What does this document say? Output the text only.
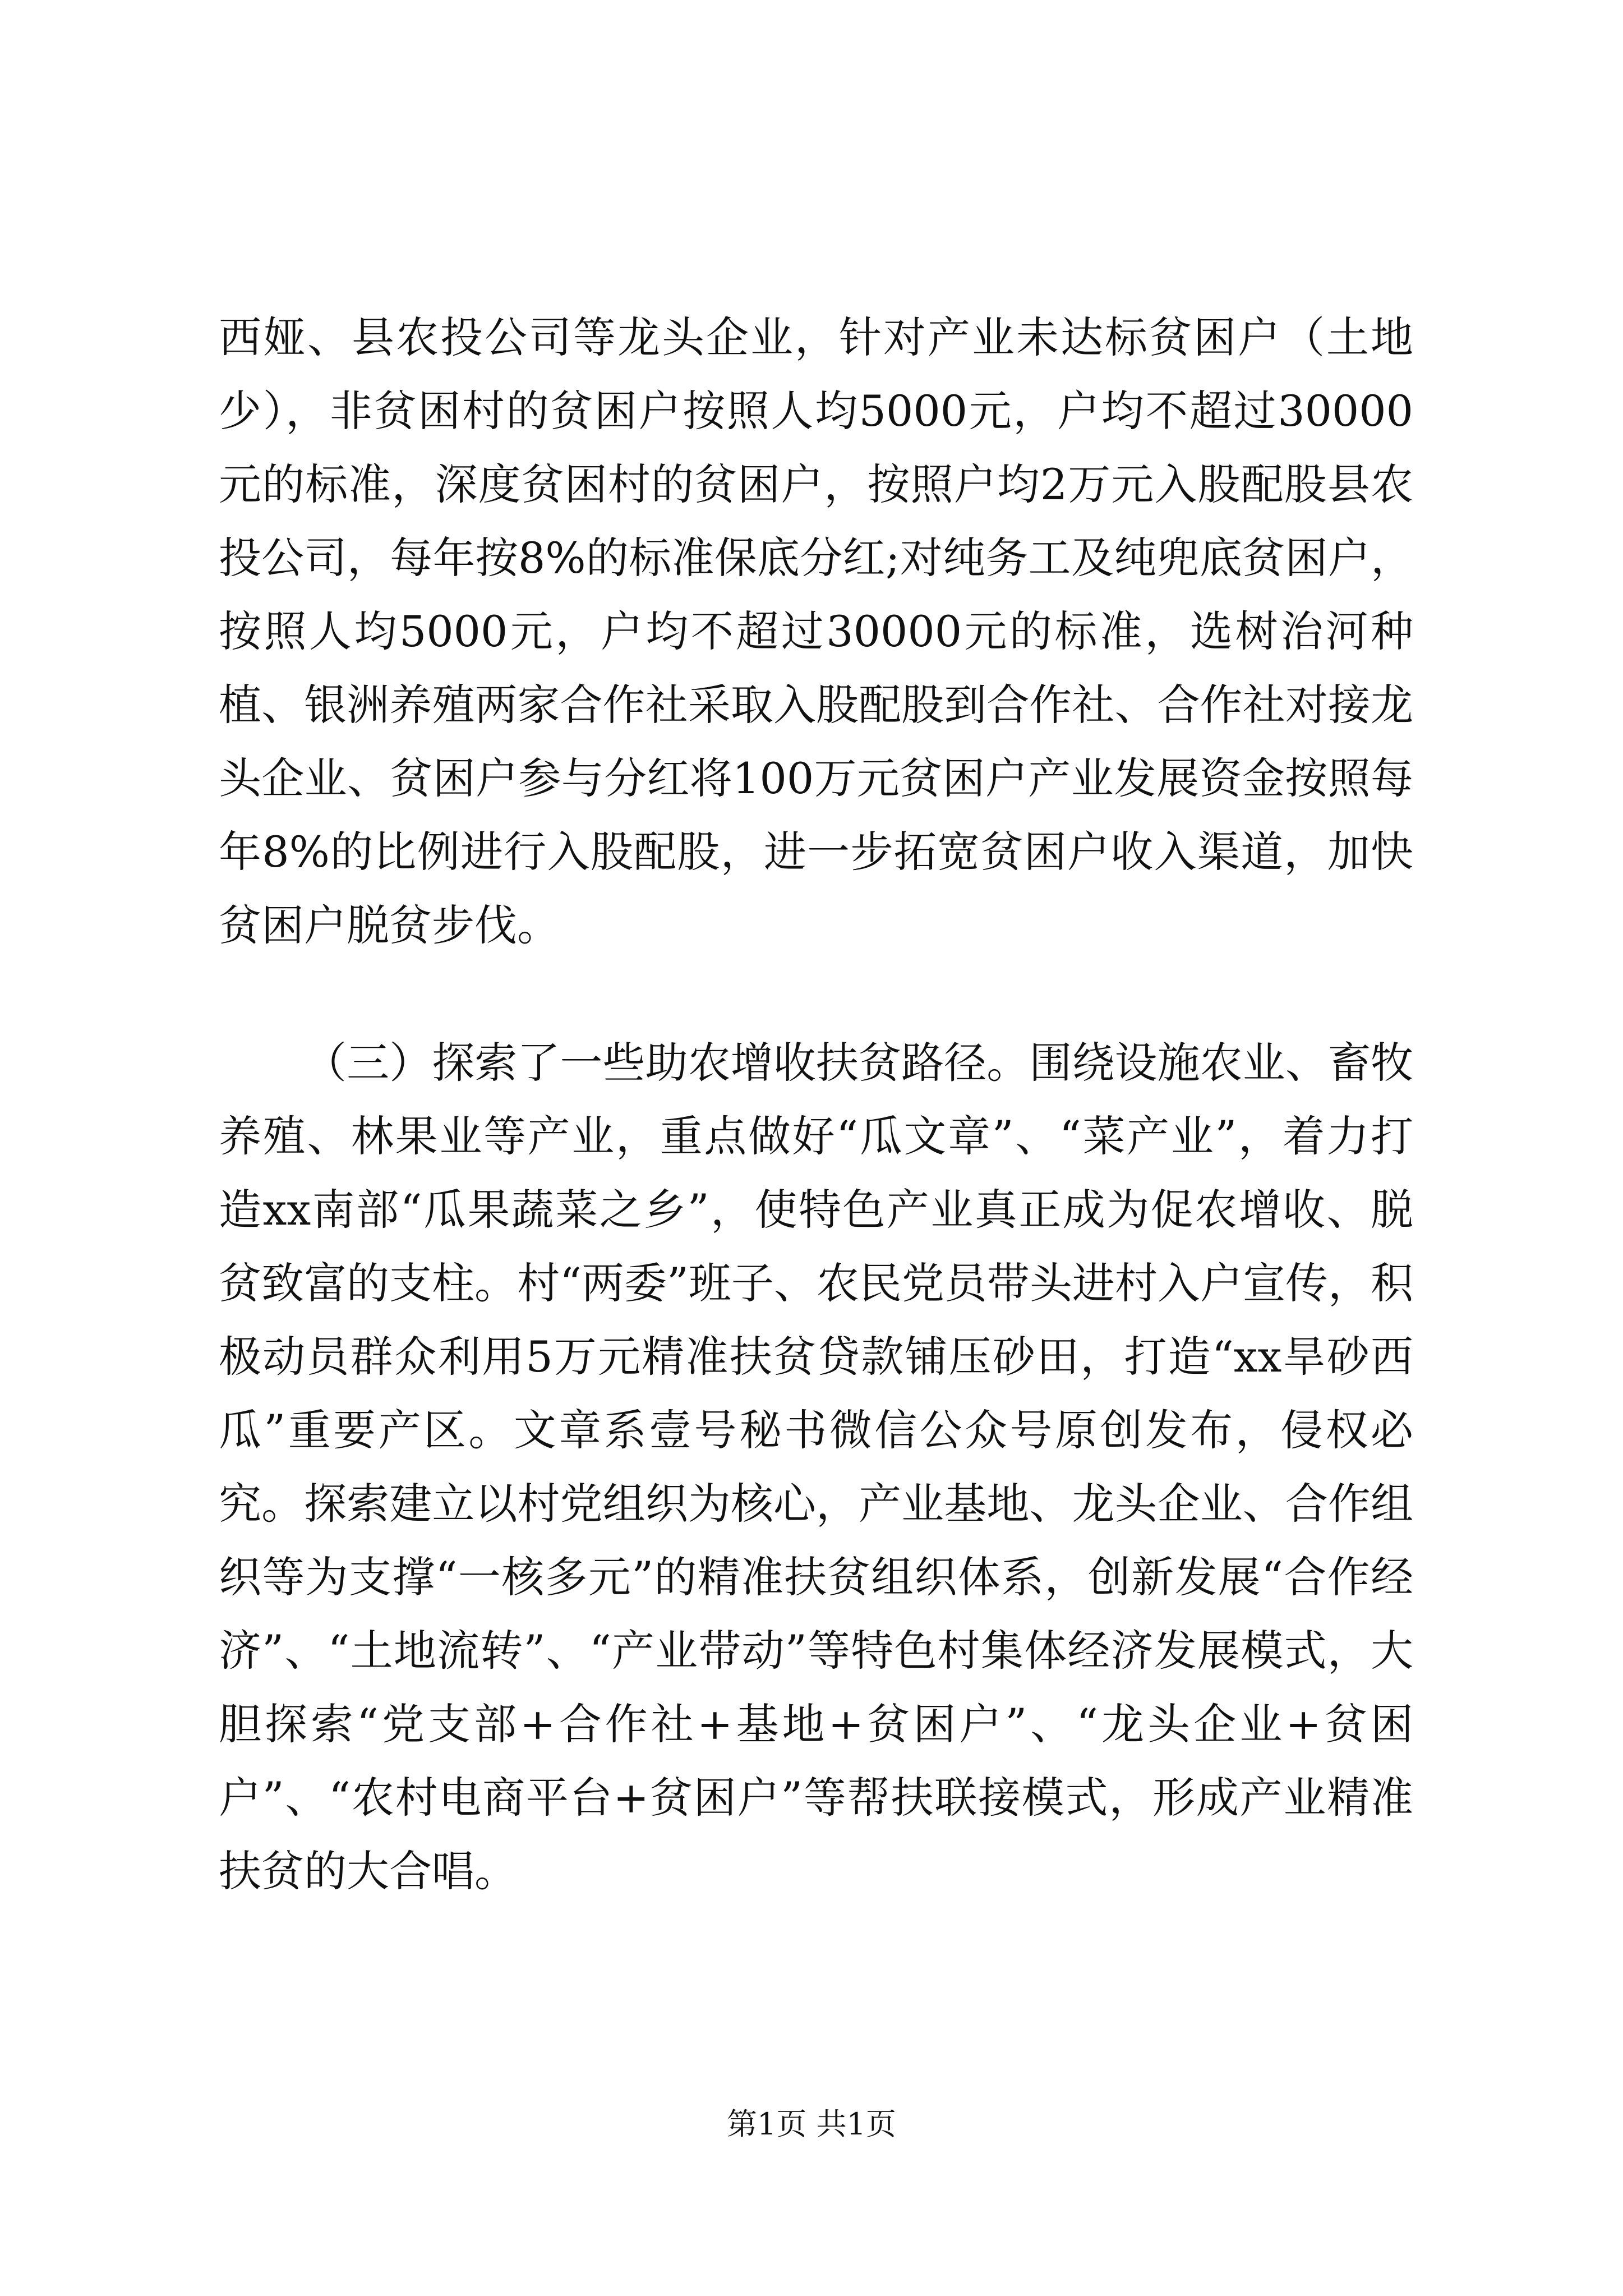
西娅、县农投公司等龙头企业，针对产业未达标贫困户（土地少），非贫困村的贫困户按照人均5000元，户均不超过30000元的标准，深度贫困村的贫困户，按照户均2万元入股配股县农投公司，每年按8%的标准保底分红;对纯务工及纯兜底贫困户，按照人均5000元，户均不超过30000元的标准，选树治河种植、银洲养殖两家合作社采取入股配股到合作社、合作社对接龙头企业、贫困户参与分红将100万元贫困户产业发展资金按照每年8%的比例进行入股配股，进一步拓宽贫困户收入渠道，加快贫困户脱贫步伐。

（三）探索了一些助农增收扶贫路径。围绕设施农业、畜牧养殖、林果业等产业，重点做好“瓜文章”、“菜产业”，着力打造xx南部“瓜果蔬菜之乡”，使特色产业真正成为促农增收、脱贫致富的支柱。村“两委”班子、农民党员带头进村入户宣传，积极动员群众利用5万元精准扶贫贷款铺压砂田，打造“xx旱砂西瓜”重要产区。文章系壹号秘书微信公众号原创发布，侵权必究。探索建立以村党组织为核心，产业基地、龙头企业、合作组织等为支撑“一核多元”的精准扶贫组织体系，创新发展“合作经济”、“土地流转”、“产业带动”等特色村集体经济发展模式，大胆探索“党支部+合作社+基地+贫困户”、“龙头企业+贫困户”、“农村电商平台+贫困户”等帮扶联接模式，形成产业精准扶贫的大合唱。

第1页 共1页
